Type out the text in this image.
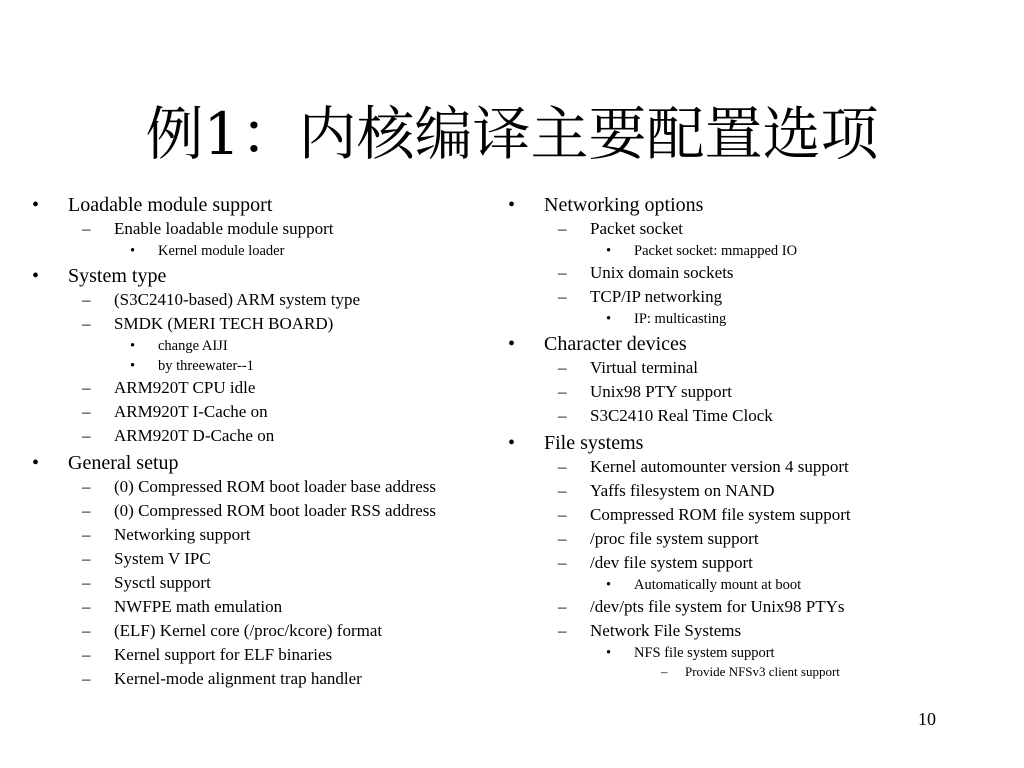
例1：内核编译主要配置选项
• Loadable module support
– Enable loadable module support
• Kernel module loader
• System type
– (S3C2410-based) ARM system type
– SMDK (MERI TECH BOARD)
• change AIJI
• by threewater--1
– ARM920T CPU idle
– ARM920T I-Cache on
– ARM920T D-Cache on
• General setup
– (0) Compressed ROM boot loader base address
– (0) Compressed ROM boot loader RSS address
– Networking support
– System V IPC
– Sysctl support
– NWFPE math emulation
– (ELF) Kernel core (/proc/kcore) format
– Kernel support for ELF binaries
– Kernel-mode alignment trap handler
• Networking options
– Packet socket
• Packet socket: mmapped IO
– Unix domain sockets
– TCP/IP networking
• IP: multicasting
• Character devices
– Virtual terminal
– Unix98 PTY support
– S3C2410 Real Time Clock
• File systems
– Kernel automounter version 4 support
– Yaffs filesystem on NAND
– Compressed ROM file system support
– /proc file system support
– /dev file system support
• Automatically mount at boot
– /dev/pts file system for Unix98 PTYs
– Network File Systems
• NFS file system support
– Provide NFSv3 client support
10
